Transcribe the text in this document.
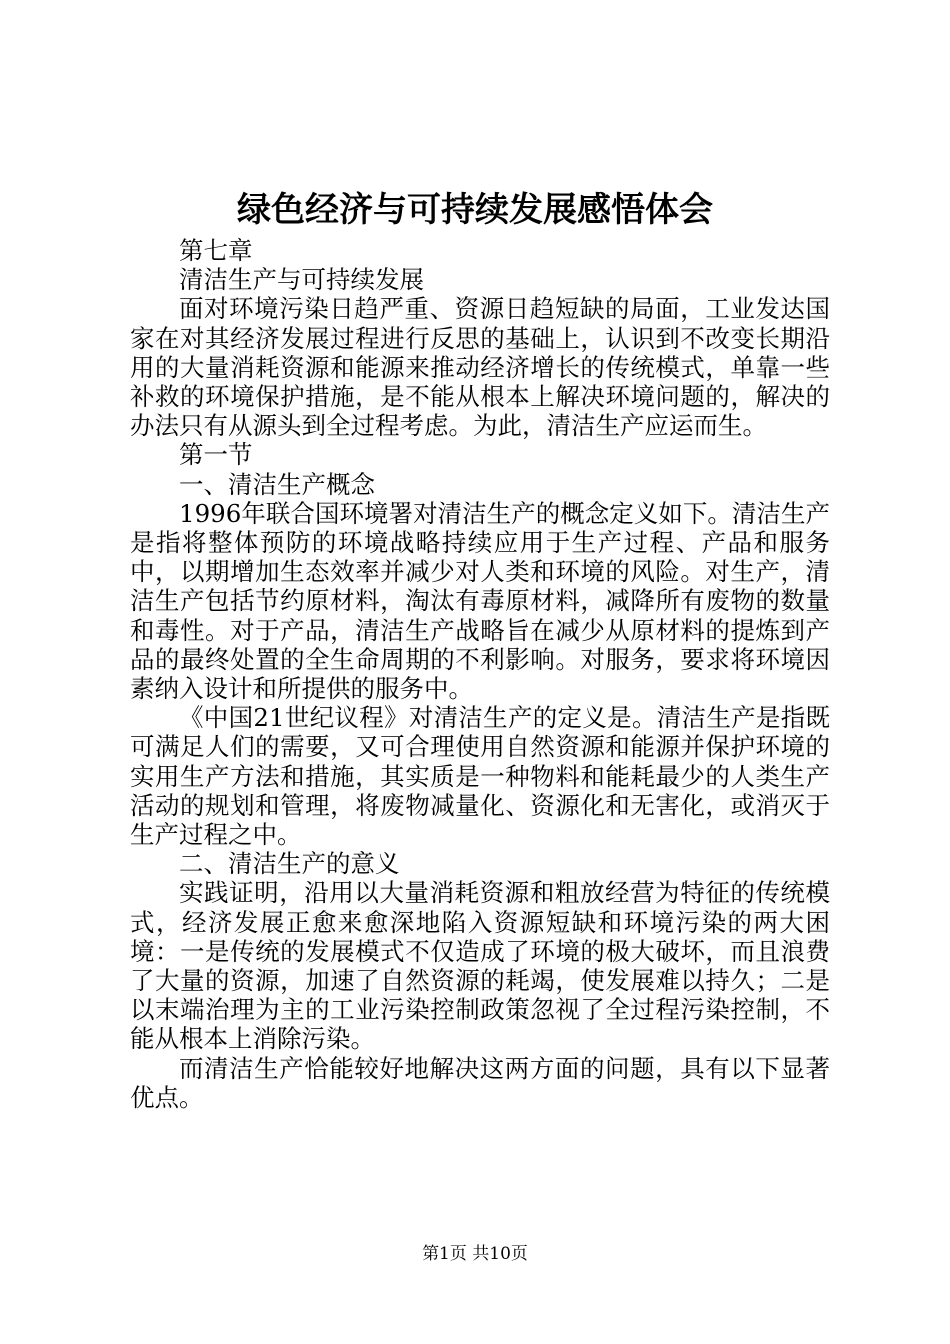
绿色经济与可持续发展感悟体会

第七章

清洁生产与可持续发展

面对环境污染日趋严重、资源日趋短缺的局面，工业发达国家在对其经济发展过程进行反思的基础上，认识到不改变长期沿用的大量消耗资源和能源来推动经济增长的传统模式，单靠一些补救的环境保护措施，是不能从根本上解决环境问题的，解决的办法只有从源头到全过程考虑。为此，清洁生产应运而生。

第一节

一、清洁生产概念

1996年联合国环境署对清洁生产的概念定义如下。清洁生产是指将整体预防的环境战略持续应用于生产过程、产品和服务中，以期增加生态效率并减少对人类和环境的风险。对生产，清洁生产包括节约原材料，淘汰有毒原材料，减降所有废物的数量和毒性。对于产品，清洁生产战略旨在减少从原材料的提炼到产品的最终处置的全生命周期的不利影响。对服务，要求将环境因素纳入设计和所提供的服务中。

《中国21世纪议程》对清洁生产的定义是。清洁生产是指既可满足人们的需要，又可合理使用自然资源和能源并保护环境的实用生产方法和措施，其实质是一种物料和能耗最少的人类生产活动的规划和管理，将废物减量化、资源化和无害化，或消灭于生产过程之中。

二、清洁生产的意义

实践证明，沿用以大量消耗资源和粗放经营为特征的传统模式，经济发展正愈来愈深地陷入资源短缺和环境污染的两大困境：一是传统的发展模式不仅造成了环境的极大破坏，而且浪费了大量的资源，加速了自然资源的耗竭，使发展难以持久；二是以末端治理为主的工业污染控制政策忽视了全过程污染控制，不能从根本上消除污染。

而清洁生产恰能较好地解决这两方面的问题，具有以下显著优点。

第1页 共10页
